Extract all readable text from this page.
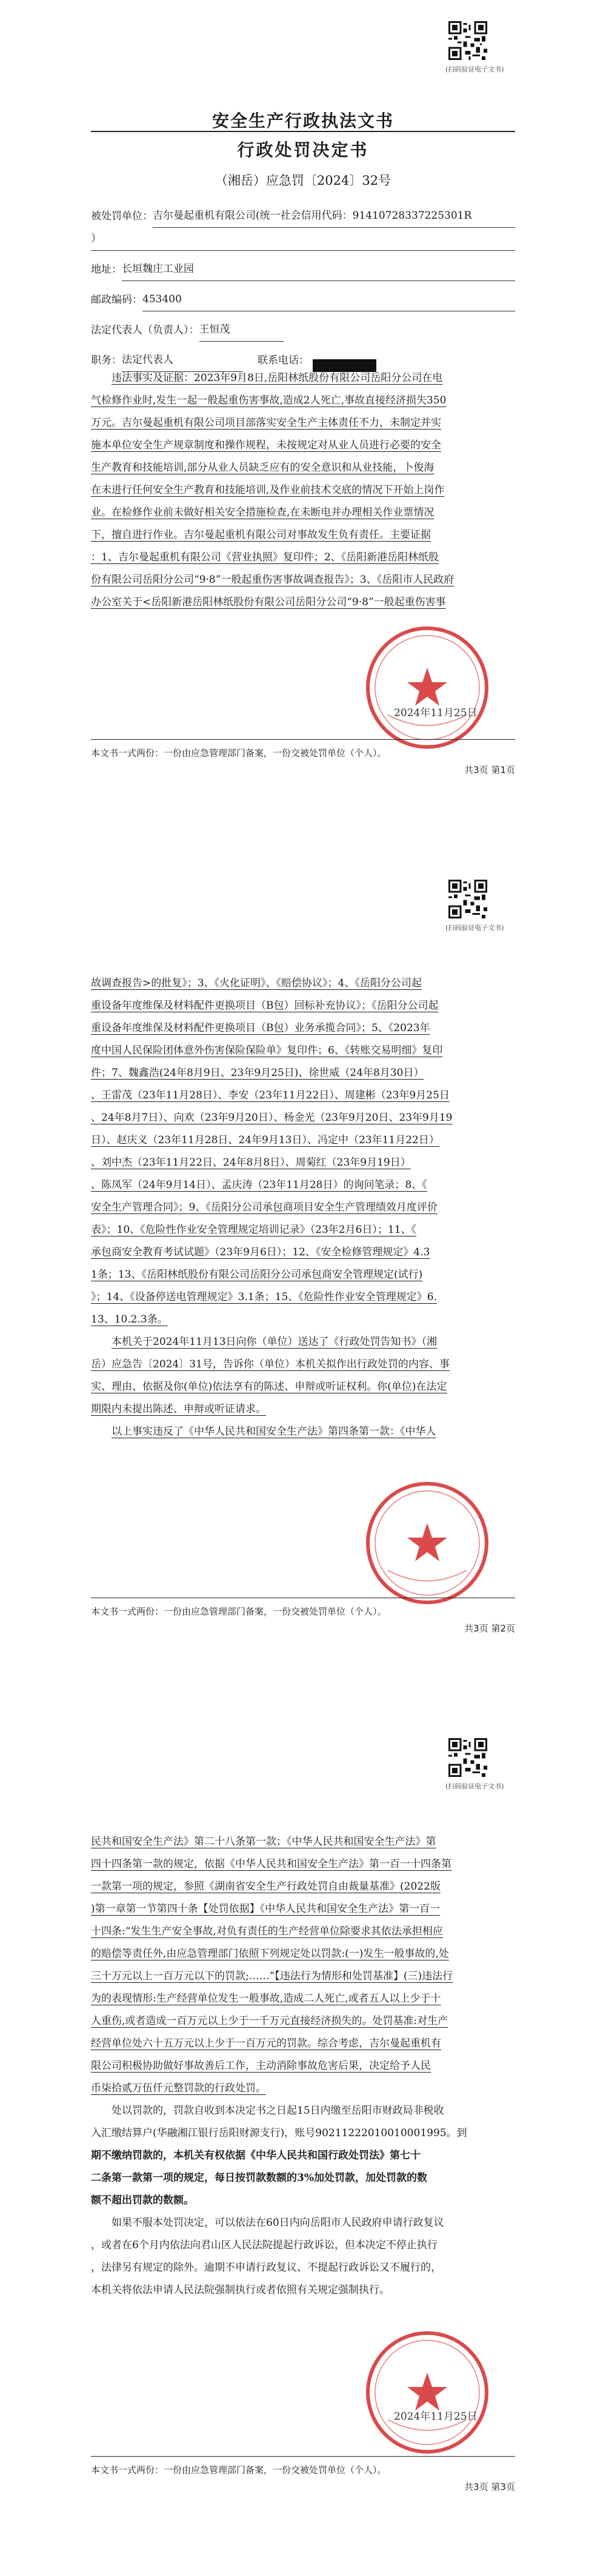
(扫码验证电子文书)
安全生产行政执法文书
行政处罚决定书
（湘岳）应急罚〔2024〕32号

被处罚单位： 吉尔曼起重机有限公司(统一社会信用代码：91410728337225301R

）

地址： 长垣魏庄工业园

邮政编码： 453400

法定代表人（负责人）： 王恒茂

职务： 法定代表人	联系电话：

违法事实及证据：2023年9月8日,岳阳林纸股份有限公司岳阳分公司在电

气检修作业时,发生一起一般起重伤害事故,造成2人死亡,事故直接经济损失350

万元。吉尔曼起重机有限公司项目部落实安全生产主体责任不力，未制定并实

施本单位安全生产规章制度和操作规程，未按规定对从业人员进行必要的安全

生产教育和技能培训,部分从业人员缺乏应有的安全意识和从业技能，卜俊海

在未进行任何安全生产教育和技能培训,及作业前技术交底的情况下开始上岗作

业。在检修作业前未做好相关安全措施检查,在未断电并办理相关作业票情况

下，擅自进行作业。吉尔曼起重机有限公司对事故发生负有责任。主要证据

：1、吉尔曼起重机有限公司《营业执照》复印件；2、《岳阳新港岳阳林纸股

份有限公司岳阳分公司“9·8”一般起重伤害事故调查报告》；3、《岳阳市人民政府

办公室关于<岳阳新港岳阳林纸股份有限公司岳阳分公司“9·8”一般起重伤害事

2024年11月25日
本文书一式两份：一份由应急管理部门备案，一份交被处罚单位（个人）。
共3页 第1页
(扫码验证电子文书)

故调查报告>的批复》；3、《火化证明》、《赔偿协议》；4、《岳阳分公司起

重设备年度维保及材料配件更换项目（B包）回标补充协议》；《岳阳分公司起

重设备年度维保及材料配件更换项目（B包）业务承揽合同》；5、《2023年

度中国人民保险团体意外伤害保险保险单》复印件；6、《转账交易明细》复印

件；7、魏鑫浩(24年8月9日、23年9月25日)、徐世威（24年8月30日）

、王雷茂（23年11月28日）、李安（23年11月22日）、周建彬（23年9月25日

、24年8月7日）、向欢（23年9月20日）、杨金光（23年9月20日、23年9月19

日）、赵庆义（23年11月28日、24年9月13日）、冯定中（23年11月22日）

、刘中杰（23年11月22日、24年8月8日）、周菊红（23年9月19日）

、陈凤军（24年9月14日）、孟庆涛（23年11月28日）的询问笔录；8、《

安全生产管理合同》；9、《岳阳分公司承包商项目安全生产管理绩效月度评价

表》；10、《危险性作业安全管理规定培训记录》（23年2月6日）；11、《

承包商安全教育考试试题》（23年9月6日）；12、《安全检修管理规定》4.3

1条；13、《岳阳林纸股份有限公司岳阳分公司承包商安全管理规定(试行)

》；14、《设备停送电管理规定》3.1条；15、《危险性作业安全管理规定》6.

13、10.2.3条。

本机关于2024年11月13日向你（单位）送达了《行政处罚告知书》（湘

岳）应急告〔2024〕31号，告诉你（单位）本机关拟作出行政处罚的内容、事

实、理由、依据及你(单位)依法享有的陈述、申辩或听证权利。你(单位)在法定

期限内未提出陈述、申辩或听证请求。

以上事实违反了《中华人民共和国安全生产法》第四条第一款：《中华人

本文书一式两份：一份由应急管理部门备案，一份交被处罚单位（个人）。
共3页 第2页
(扫码验证电子文书)

民共和国安全生产法》第二十八条第一款；《中华人民共和国安全生产法》第

四十四条第一款的规定，依据《中华人民共和国安全生产法》第一百一十四条第

一款第一项的规定，参照《湖南省安全生产行政处罚自由裁量基准》(2022版

)第一章第一节第四十条【处罚依据】《中华人民共和国安全生产法》第一百一

十四条:“发生生产安全事故,对负有责任的生产经营单位除要求其依法承担相应

的赔偿等责任外,由应急管理部门依照下列规定处以罚款:(一)发生一般事故的,处

三十万元以上一百万元以下的罚款;……”【违法行为情形和处罚基准】(三)违法行

为的表现情形:生产经营单位发生一般事故,造成二人死亡,或者五人以上少于十

人重伤,或者造成一百万元以上少于一千万元直接经济损失的。处罚基准:对生产

经营单位处六十五万元以上少于一百万元的罚款。综合考虑，吉尔曼起重机有

限公司积极协助做好事故善后工作，主动消除事故危害后果，决定给予人民

币柒拾贰万伍仟元整罚款的行政处罚。

处以罚款的，罚款自收到本决定书之日起15日内缴至岳阳市财政局非税收

入汇缴结算户(华融湘江银行岳阳财源支行)，账号90211222010010001995。到

期不缴纳罚款的，本机关有权依据《中华人民共和国行政处罚法》第七十

二条第一款第一项的规定，每日按罚款数额的3%加处罚款，加处罚款的数

额不超出罚款的数额。

如果不服本处罚决定，可以依法在60日内向岳阳市人民政府申请行政复议

，或者在6个月内依法向君山区人民法院提起行政诉讼，但本决定不停止执行

，法律另有规定的除外。逾期不申请行政复议、不提起行政诉讼又不履行的，

本机关将依法申请人民法院强制执行或者依照有关规定强制执行。

2024年11月25日
本文书一式两份：一份由应急管理部门备案，一份交被处罚单位（个人）。
共3页 第3页
